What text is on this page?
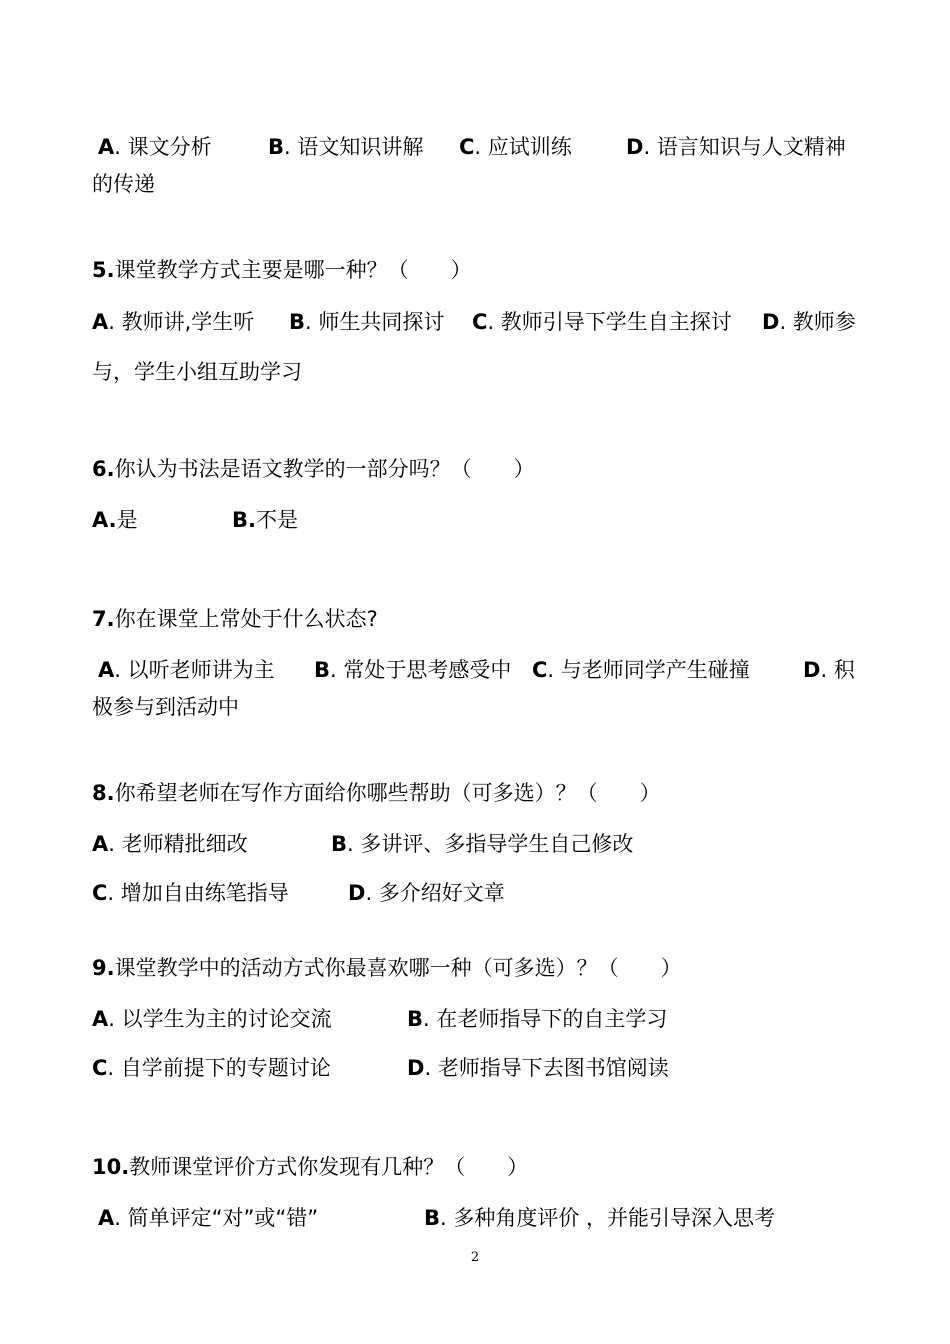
A. 课文分析	B. 语文知识讲解 C. 应试训练	D. 语言知识与人文精神
的传递
5.课堂教学方式主要是哪一种？（　　）
A. 教师讲,学生听 B. 师生共同探讨 C. 教师引导下学生自主探讨 D. 教师参
与，学生小组互助学习
6.你认为书法是语文教学的一部分吗？（　　）
A.是	B.不是
7.你在课堂上常处于什么状态?
A. 以听老师讲为主 B. 常处于思考感受中 C. 与老师同学产生碰撞	D. 积
极参与到活动中
8.你希望老师在写作方面给你哪些帮助（可多选）？（　　）
A. 老师精批细改	B. 多讲评、多指导学生自己修改
C. 增加自由练笔指导	D. 多介绍好文章
9.课堂教学中的活动方式你最喜欢哪一种（可多选）？（　　）
A. 以学生为主的讨论交流	B. 在老师指导下的自主学习
C. 自学前提下的专题讨论	D. 老师指导下去图书馆阅读
10.教师课堂评价方式你发现有几种？（　　）
A. 简单评定“对”或“错”	B. 多种角度评价 ，并能引导深入思考
2
